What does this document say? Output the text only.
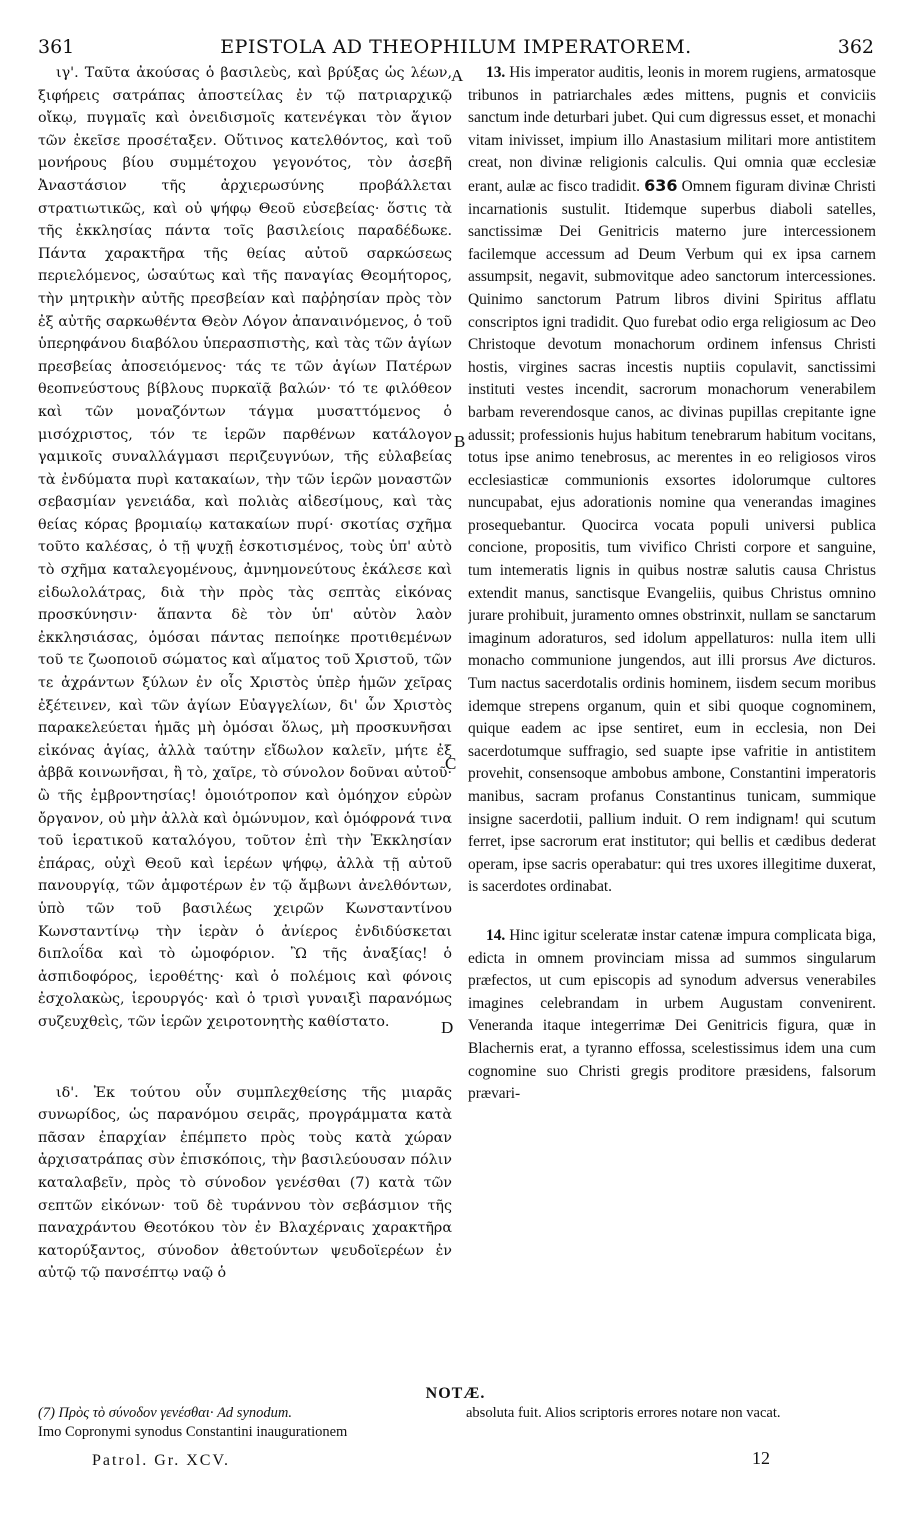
361	EPISTOLA AD THEOPHILUM IMPERATOREM.	362

ιγ'. Ταῦτα ἀκούσας ὁ βασιλεὺς, καὶ βρύξας ὡς λέων, ξιφήρεις σατράπας ἀποστείλας ἐν τῷ πατριαρχικῷ οἴκῳ, πυγμαῖς καὶ ὀνειδισμοῖς κατενέγκαι τὸν ἅγιον τῶν ἐκεῖσε προσέταξεν. Οὕτινος κατελθόντος, καὶ τοῦ μονήρους βίου συμμέτοχου γεγονότος, τὸν ἀσεβῆ Ἀναστάσιον τῆς ἀρχιερωσύνης προβάλλεται στρατιωτικῶς, καὶ οὐ ψήφῳ Θεοῦ εὐσεβείας· ὅστις τὰ τῆς ἐκκλησίας πάντα τοῖς βασιλείοις παραδέδωκε. Πάντα χαρακτῆρα τῆς θείας αὐτοῦ σαρκώσεως περιελόμενος, ὡσαύτως καὶ τῆς παναγίας Θεομήτορος, τὴν μητρικὴν αὐτῆς πρεσβείαν καὶ παῤῥησίαν πρὸς τὸν ἐξ αὐτῆς σαρκωθέντα Θεὸν Λόγον ἀπαναινόμενος, ὁ τοῦ ὑπερηφάνου διαβόλου ὑπερασπιστὴς, καὶ τὰς τῶν ἁγίων πρεσβείας ἀποσειόμενος· τάς τε τῶν ἁγίων Πατέρων θεοπνεύστους βίβλους πυρκαϊᾷ βαλών· τό τε φιλόθεον καὶ τῶν μοναζόντων τάγμα μυσαττόμενος ὁ μισόχριστος, τόν τε ἱερῶν παρθένων κατάλογον γαμικοῖς συναλλάγμασι περιζευγνύων, τῆς εὐλαβείας τὰ ἐνδύματα πυρὶ κατακαίων, τὴν τῶν ἱερῶν μοναστῶν σεβασμίαν γενειάδα, καὶ πολιὰς αἰδεσίμους, καὶ τὰς θείας κόρας βρομιαίῳ κατακαίων πυρί· σκοτίας σχῆμα τοῦτο καλέσας, ὁ τῇ ψυχῇ ἐσκοτισμένος, τοὺς ὑπ' αὐτὸ τὸ σχῆμα καταλεγομένους, ἀμνημονεύτους ἐκάλεσε καὶ εἰδωλολάτρας, διὰ τὴν πρὸς τὰς σεπτὰς εἰκόνας προσκύνησιν· ἅπαντα δὲ τὸν ὑπ' αὐτὸν λαὸν ἐκκλησιάσας, ὁμόσαι πάντας πεποίηκε προτιθεμένων τοῦ τε ζωοποιοῦ σώματος καὶ αἵματος τοῦ Χριστοῦ, τῶν τε ἀχράντων ξύλων ἐν οἷς Χριστὸς ὑπὲρ ἡμῶν χεῖρας ἐξέτεινεν, καὶ τῶν ἁγίων Εὐαγγελίων, δι' ὧν Χριστὸς παρακελεύεται ἡμᾶς μὴ ὀμόσαι ὅλως, μὴ προσκυνῆσαι εἰκόνας ἁγίας, ἀλλὰ ταύτην εἴδωλον καλεῖν, μήτε ἐξ ἀββᾶ κοινωνῆσαι, ἢ τὸ, χαῖρε, τὸ σύνολον δοῦναι αὐτοῦ· ὢ τῆς ἐμβροντησίας! ὁμοιότροπον καὶ ὁμόηχον εὑρὼν ὄργανον, οὐ μὴν ἀλλὰ καὶ ὁμώνυμον, καὶ ὁμόφρονά τινα τοῦ ἱερατικοῦ καταλόγου, τοῦτον ἐπὶ τὴν Ἐκκλησίαν ἐπάρας, οὐχὶ Θεοῦ καὶ ἱερέων ψήφῳ, ἀλλὰ τῇ αὐτοῦ πανουργίᾳ, τῶν ἀμφοτέρων ἐν τῷ ἄμβωνι ἀνελθόντων, ὑπὸ τῶν τοῦ βασιλέως χειρῶν Κωνσταντίνου Κωνσταντίνῳ τὴν ἱερὰν ὁ ἀνίερος ἐνδιδύσκεται διπλοΐδα καὶ τὸ ὠμοφόριον. Ὢ τῆς ἀναξίας! ὁ ἀσπιδοφόρος, ἱεροθέτης· καὶ ὁ πολέμοις καὶ φόνοις ἐσχολακὼς, ἱερουργός· καὶ ὁ τρισὶ γυναιξὶ παρανόμως συζευχθεὶς, τῶν ἱερῶν χειροτονητὴς καθίστατο.

ιδ'. Ἐκ τούτου οὖν συμπλεχθείσης τῆς μιαρᾶς συνωρίδος, ὡς παρανόμου σειρᾶς, προγράμματα κατὰ πᾶσαν ἐπαρχίαν ἐπέμπετο πρὸς τοὺς κατὰ χώραν ἀρχισατράπας σὺν ἐπισκόποις, τὴν βασιλεύουσαν πόλιν καταλαβεῖν, πρὸς τὸ σύνοδον γενέσθαι (7) κατὰ τῶν σεπτῶν εἰκόνων· τοῦ δὲ τυράννου τὸν σεβάσμιον τῆς παναχράντου Θεοτόκου τὸν ἐν Βλαχέρναις χαρακτῆρα κατορύξαντος, σύνοδον ἀθετούντων ψευδοϊερέων ἐν αὐτῷ τῷ πανσέπτῳ ναῷ ὁ

A
B
C
D

13. His imperator auditis, leonis in morem rugiens, armatosque tribunos in patriarchales ædes mittens, pugnis et conviciis sanctum inde deturbari jubet. Qui cum digressus esset, et monachi vitam inivisset, impium illo Anastasium militari more antistitem creat, non divinæ religionis calculis. Qui omnia quæ ecclesiæ erant, aulæ ac fisco tradidit. 636 Omnem figuram divinæ Christi incarnationis sustulit. Itidemque superbus diaboli satelles, sanctissimæ Dei Genitricis materno jure intercessionem facilemque accessum ad Deum Verbum qui ex ipsa carnem assumpsit, negavit, submovitque adeo sanctorum intercessiones. Quinimo sanctorum Patrum libros divini Spiritus afflatu conscriptos igni tradidit. Quo furebat odio erga religiosum ac Deo Christoque devotum monachorum ordinem infensus Christi hostis, virgines sacras incestis nuptiis copulavit, sanctissimi instituti vestes incendit, sacrorum monachorum venerabilem barbam reverendosque canos, ac divinas pupillas crepitante igne adussit; professionis hujus habitum tenebrarum habitum vocitans, totus ipse animo tenebrosus, ac merentes in eo religiosos viros ecclesiasticæ communionis exsortes idolorumque cultores nuncupabat, ejus adorationis nomine qua venerandas imagines prosequebantur. Quocirca vocata populi universi publica concione, propositis, tum vivifico Christi corpore et sanguine, tum intemeratis lignis in quibus nostræ salutis causa Christus extendit manus, sanctisque Evangeliis, quibus Christus omnino jurare prohibuit, juramento omnes obstrinxit, nullam se sanctarum imaginum adoraturos, sed idolum appellaturos: nulla item ulli monacho communione jungendos, aut illi prorsus Ave dicturos. Tum nactus sacerdotalis ordinis hominem, iisdem secum moribus idemque strepens organum, quin et sibi quoque cognominem, quique eadem ac ipse sentiret, eum in ecclesia, non Dei sacerdotumque suffragio, sed suapte ipse vafritie in antistitem provehit, consensoque ambobus ambone, Constantini imperatoris manibus, sacram profanus Constantinus tunicam, summique insigne sacerdotii, pallium induit. O rem indignam! qui scutum ferret, ipse sacrorum erat institutor; qui bellis et cædibus dederat operam, ipse sacris operabatur: qui tres uxores illegitime duxerat, is sacerdotes ordinabat.

14. Hinc igitur sceleratæ instar catenæ impura complicata biga, edicta in omnem provinciam missa ad summos singularum præfectos, ut cum episcopis ad synodum adversus venerabiles imagines celebrandam in urbem Augustam convenirent. Veneranda itaque integerrimæ Dei Genitricis figura, quæ in Blachernis erat, a tyranno effossa, scelestissimus idem una cum cognomine suo Christi gregis proditore præsidens, falsorum prævari-

NOTÆ.

(7) Πρὸς τὸ σύνοδον γενέσθαι· Ad synodum.

Imo Copronymi synodus Constantini inaugurationem

absoluta fuit. Alios scriptoris errores notare non vacat.

Patrol. Gr. XCV.	12
